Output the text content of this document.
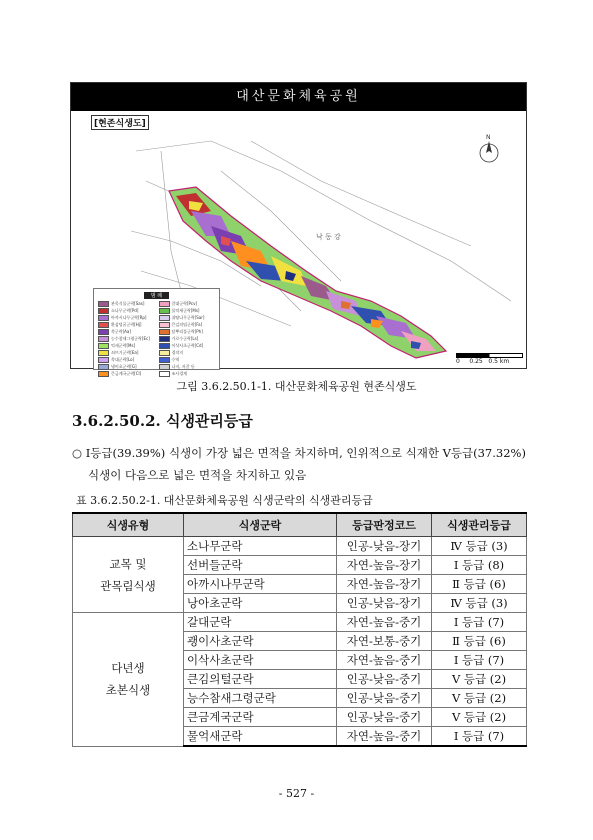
대산문화체육공원
낙 동 강
N
[현존식생도]
범 례
관목식물군락[Sas]	갈대군락[Pcv]
소나무군락[Pd]	물억새군락[Ms]
아까시나무군락[Rp]	쉬땅나무군락[Sar]
환삼덩굴군락[Hj]	큰김의털군락[Fa]
쑥군락[Aa]	달뿌리풀군락[Ph]
능수참새그령군락[Ec]	가로수군락[Ls]
억새군락[Ms]	이삭사초군락[Cd]
쇠뜨기군락[Ea]	경작지
쑥대군락[Lo]	수역
냉이초군락[G]	나지, 자갈 등
큰금계국군락[Cl]	조사경계
0     0.25   0.5 km
그림 3.6.2.50.1-1. 대산문화체육공원 현존식생도
3.6.2.50.2. 식생관리등급
○ I등급(39.39%) 식생이 가장 넓은 면적을 차지하며, 인위적으로 식재한 V등급(37.32%)
식생이 다음으로 넓은 면적을 차지하고 있음
표 3.6.2.50.2-1. 대산문화체육공원 식생군락의 식생관리등급
식생유형	식생군락	등급판정코드	식생관리등급

교목 및
관목림식생	소나무군락	인공-낮음-장기	Ⅳ 등급 (3)
	선버들군락	자연-높음-장기	Ⅰ 등급 (8)
	아까시나무군락	자연-높음-장기	Ⅱ 등급 (6)
	낭아초군락	인공-낮음-장기	Ⅳ 등급 (3)

다년생
초본식생	갈대군락	자연-높음-중기	Ⅰ 등급 (7)
	괭이사초군락	자연-보통-중기	Ⅱ 등급 (6)
	이삭사초군락	자연-높음-중기	Ⅰ 등급 (7)
	큰김의털군락	인공-낮음-중기	Ⅴ 등급 (2)
	능수참새그령군락	인공-낮음-중기	Ⅴ 등급 (2)
	큰금계국군락	인공-낮음-중기	Ⅴ 등급 (2)
	물억새군락	자연-높음-중기	Ⅰ 등급 (7)
- 527 -
